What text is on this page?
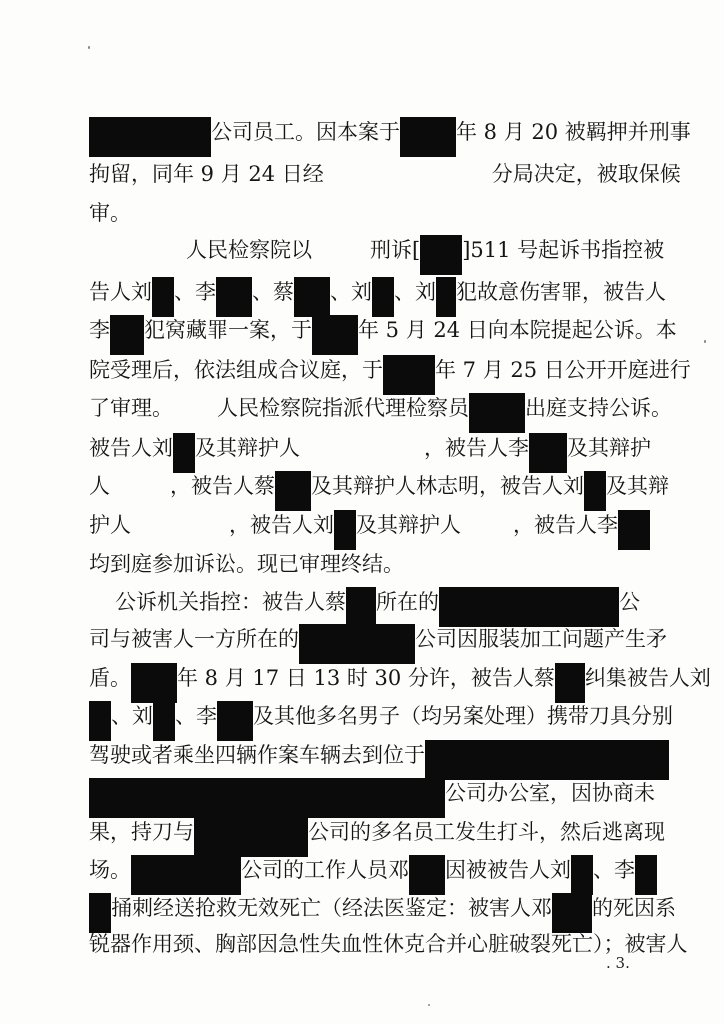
公司员工。因本案于	年 8 月 20 被羁押并刑事
拘留，同年 9 月 24 日经	分局决定，被取保候
审。
人民检察院以	刑诉[ ]511 号起诉书指控被
告人刘 、李 、蔡 、刘 、刘 犯故意伤害罪，被告人
李 犯窝藏罪一案，于 年 5 月 24 日向本院提起公诉。本
院受理后，依法组成合议庭，于 年 7 月 25 日公开开庭进行
了审理。 人民检察院指派代理检察员	出庭支持公诉。
被告人刘 及其辩护人	，被告人李 及其辩护
人	，被告人蔡 及其辩护人林志明，被告人刘 及其辩
护人	，被告人刘 及其辩护人 ，被告人李
均到庭参加诉讼。现已审理终结。
公诉机关指控：被告人蔡 所在的	公
司与被害人一方所在的	公司因服装加工问题产生矛
盾。 年 8 月 17 日 13 时 30 分许，被告人蔡 纠集被告人刘
、刘 、李 及其他多名男子（均另案处理）携带刀具分别
驾驶或者乘坐四辆作案车辆去到位于
公司办公室，因协商未
果，持刀与	公司的多名员工发生打斗，然后逃离现
场。	公司的工作人员邓 因被被告人刘 、李
捅刺经送抢救无效死亡（经法医鉴定：被害人邓 的死因系
锐器作用颈、胸部因急性失血性休克合并心脏破裂死亡）；被害人
. 3.
